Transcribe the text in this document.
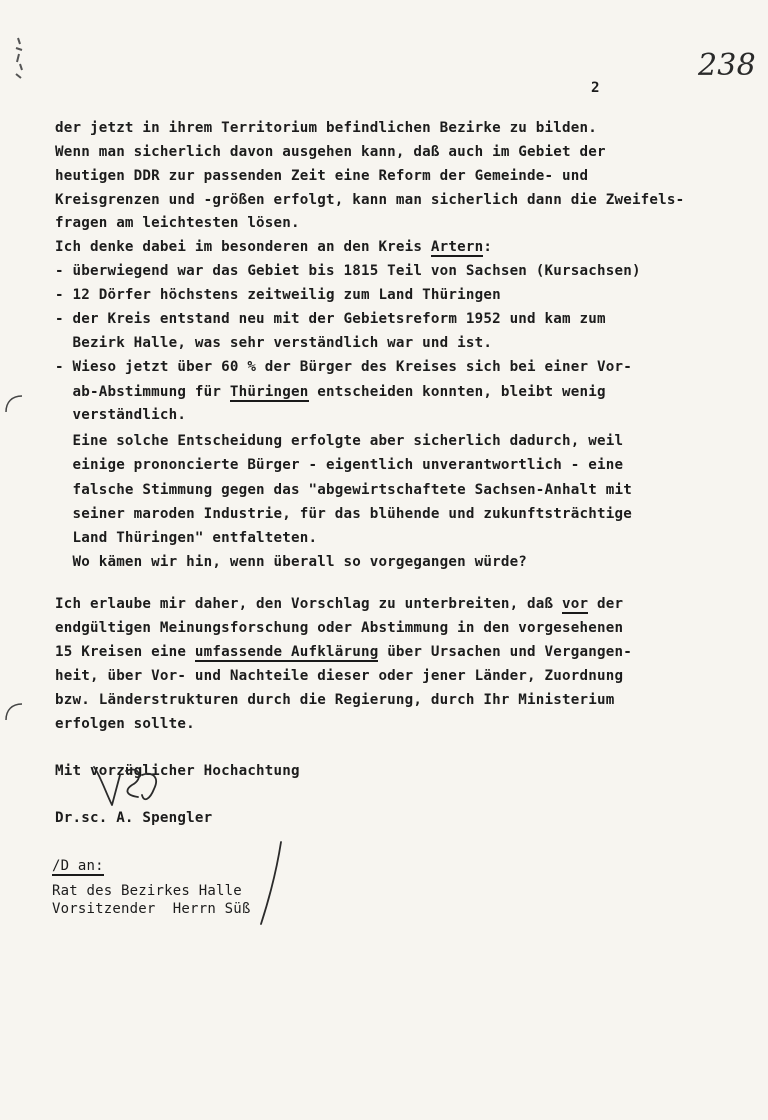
238
2
der jetzt in ihrem Territorium befindlichen Bezirke zu bilden.
Wenn man sicherlich davon ausgehen kann, daß auch im Gebiet der
heutigen DDR zur passenden Zeit eine Reform der Gemeinde- und
Kreisgrenzen und -größen erfolgt, kann man sicherlich dann die Zweifels-
fragen am leichtesten lösen.
Ich denke dabei im besonderen an den Kreis Artern:
- überwiegend war das Gebiet bis 1815 Teil von Sachsen (Kursachsen)
- 12 Dörfer höchstens zeitweilig zum Land Thüringen
- der Kreis entstand neu mit der Gebietsreform 1952 und kam zum
Bezirk Halle, was sehr verständlich war und ist.
- Wieso jetzt über 60 % der Bürger des Kreises sich bei einer Vor-
ab-Abstimmung für Thüringen entscheiden konnten, bleibt wenig
verständlich.
Eine solche Entscheidung erfolgte aber sicherlich dadurch, weil
einige prononcierte Bürger - eigentlich unverantwortlich - eine
falsche Stimmung gegen das "abgewirtschaftete Sachsen-Anhalt mit
seiner maroden Industrie, für das blühende und zukunftsträchtige
Land Thüringen" entfalteten.
Wo kämen wir hin, wenn überall so vorgegangen würde?
Ich erlaube mir daher, den Vorschlag zu unterbreiten, daß vor der
endgültigen Meinungsforschung oder Abstimmung in den vorgesehenen
15 Kreisen eine umfassende Aufklärung über Ursachen und Vergangen-
heit, über Vor- und Nachteile dieser oder jener Länder, Zuordnung
bzw. Länderstrukturen durch die Regierung, durch Ihr Ministerium
erfolgen sollte.
Mit vorzüglicher Hochachtung
Dr.sc. A. Spengler
/D an:
Rat des Bezirkes Halle
Vorsitzender  Herrn Süß
